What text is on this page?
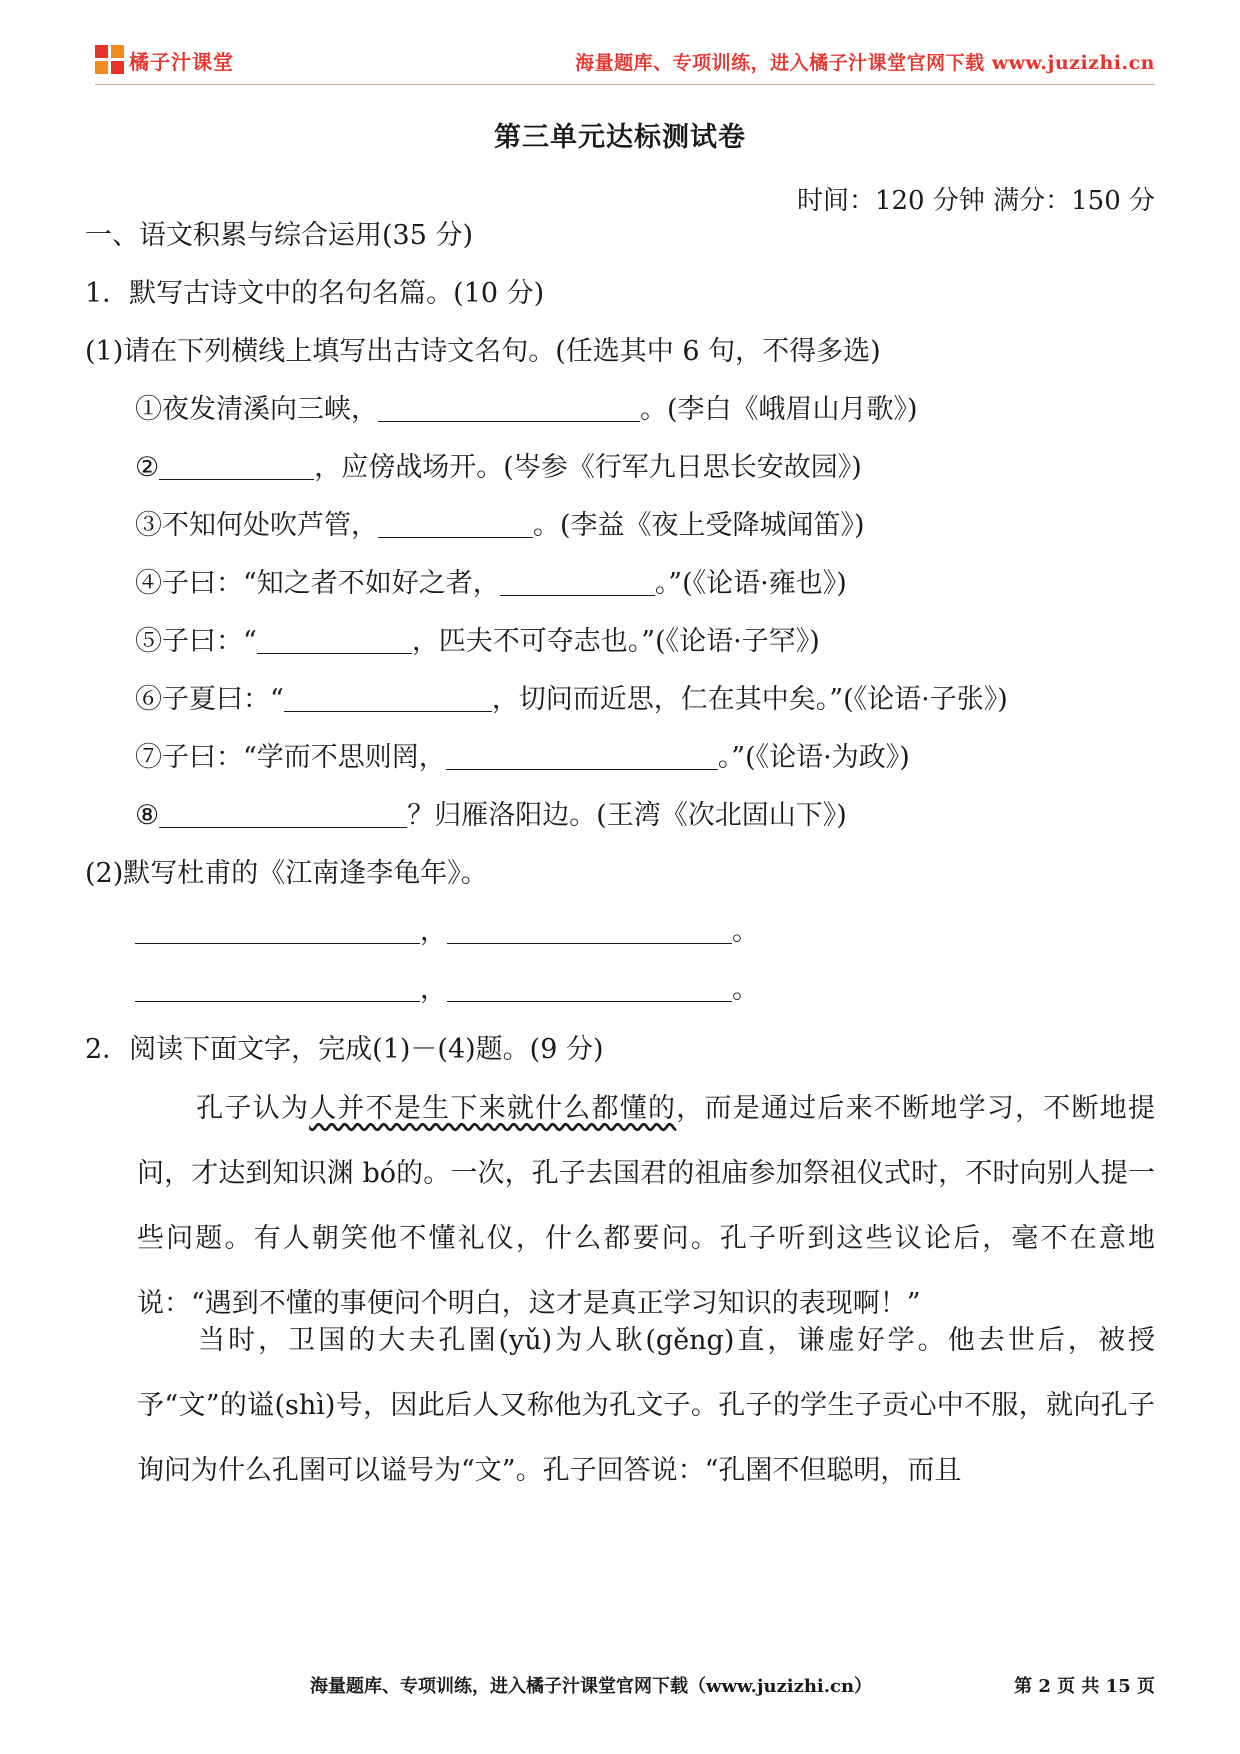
橘子汁课堂	海量题库、专项训练，进入橘子汁课堂官网下载 www.juzizhi.cn
第三单元达标测试卷
时间：120 分钟 满分：150 分
一、语文积累与综合运用(35 分)
1．默写古诗文中的名句名篇。(10 分)
(1)请在下列横线上填写出古诗文名句。(任选其中 6 句，不得多选)
①夜发清溪向三峡，	。(李白《峨眉山月歌》)
②	，应傍战场开。(岑参《行军九日思长安故园》)
③不知何处吹芦管，	。(李益《夜上受降城闻笛》)
④子曰：“知之者不如好之者，	。”(《论语·雍也》)
⑤子曰：“	，匹夫不可夺志也。”(《论语·子罕》)
⑥子夏曰：“	，切问而近思，仁在其中矣。”(《论语·子张》)
⑦子曰：“学而不思则罔，	。”(《论语·为政》)
⑧	？归雁洛阳边。(王湾《次北固山下》)
(2)默写杜甫的《江南逢李龟年》。
，	。
，	。
2．阅读下面文字，完成(1)－(4)题。(9 分)
孔子认为人并不是生下来就什么都懂的，而是通过后来不断地学习，不断地提问，才达到知识渊 bó的。一次，孔子去国君的祖庙参加祭祖仪式时，不时向别人提一些问题。有人朝笑他不懂礼仪，什么都要问。孔子听到这些议论后，毫不在意地说：“遇到不懂的事便问个明白，这才是真正学习知识的表现啊！”
当时，卫国的大夫孔圉(yǔ)为人耿(gěng)直，谦虚好学。他去世后，被授予“文”的谥(shì)号，因此后人又称他为孔文子。孔子的学生子贡心中不服，就向孔子询问为什么孔圉可以谥号为“文”。孔子回答说：“孔圉不但聪明，而且
海量题库、专项训练，进入橘子汁课堂官网下载（www.juzizhi.cn）	第 2 页 共 15 页
